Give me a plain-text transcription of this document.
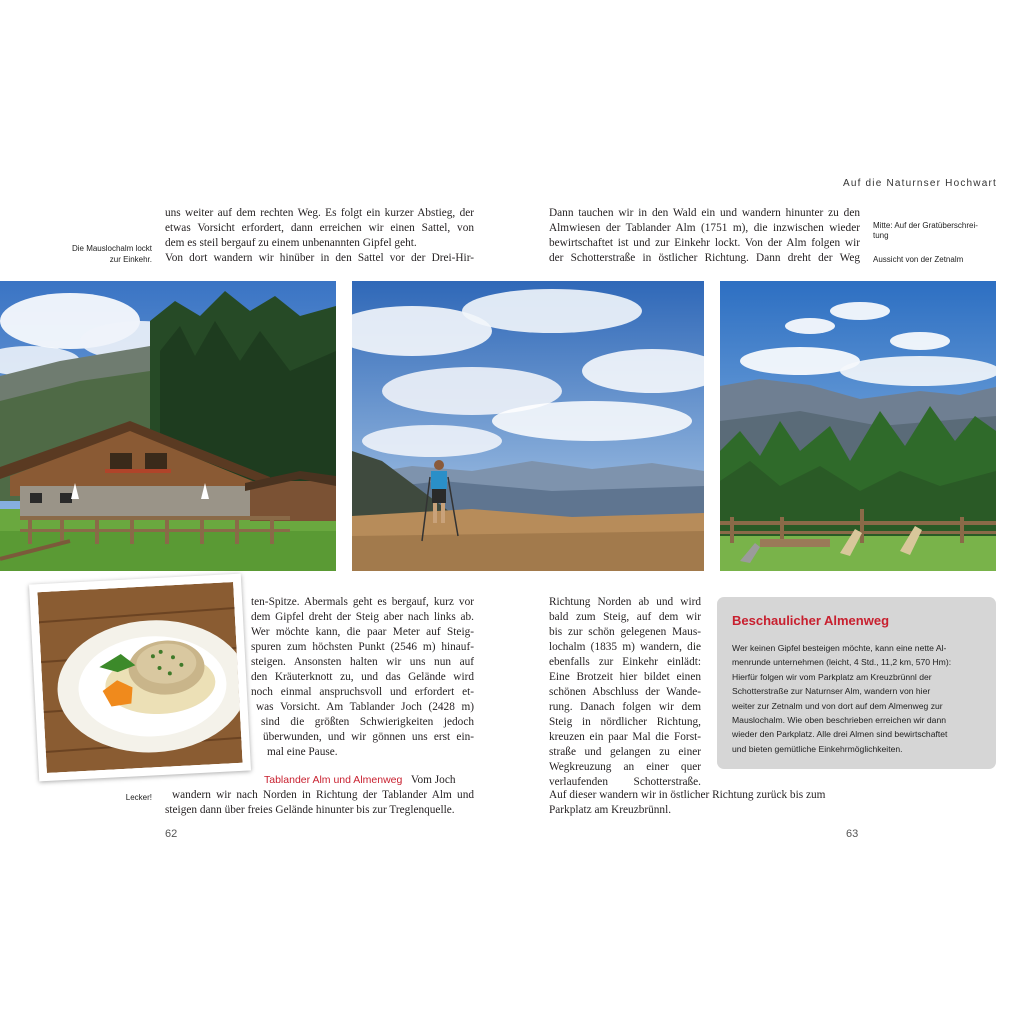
Auf die Naturnser Hochwart
Die Mauslochalm lockt
zur Einkehr.
Mitte: Auf der Gratüberschrei-
tung
Aussicht von der Zetnalm
uns weiter auf dem rechten Weg. Es folgt ein kurzer Abstieg, der
etwas Vorsicht erfordert, dann erreichen wir einen Sattel, von
dem es steil bergauf zu einem unbenannten Gipfel geht.
Von dort wandern wir hinüber in den Sattel vor der Drei-Hir-
Dann tauchen wir in den Wald ein und wandern hinunter zu den
Almwiesen der Tablander Alm (1751 m), die inzwischen wieder
bewirtschaftet ist und zur Einkehr lockt. Von der Alm folgen wir
der Schotterstraße in östlicher Richtung. Dann dreht der Weg
ten-Spitze. Abermals geht es bergauf, kurz vor
dem Gipfel dreht der Steig aber nach links ab.
Wer möchte kann, die paar Meter auf Steig-
spuren zum höchsten Punkt (2546 m) hinauf-
steigen. Ansonsten halten wir uns nun auf
den Kräuterknott zu, und das Gelände wird
noch einmal anspruchsvoll und erfordert et-
was Vorsicht. Am Tablander Joch (2428 m)
sind die größten Schwierigkeiten jedoch
überwunden, und wir gönnen uns erst ein-
mal eine Pause.
Tablander Alm und Almenweg Vom Joch
Lecker!	wandern wir nach Norden in Richtung der Tablander Alm und
steigen dann über freies Gelände hinunter bis zur Treglenquelle.
Richtung Norden ab und wird
bald zum Steig, auf dem wir
bis zur schön gelegenen Maus-
lochalm (1835 m) wandern, die
ebenfalls zur Einkehr einlädt:
Eine Brotzeit hier bildet einen
schönen Abschluss der Wande-
rung. Danach folgen wir dem
Steig in nördlicher Richtung,
kreuzen ein paar Mal die Forst-
straße und gelangen zu einer
Wegkreuzung an einer quer
verlaufenden Schotterstraße.
Auf dieser wandern wir in östlicher Richtung zurück bis zum
Parkplatz am Kreuzbrünnl.
Beschaulicher Almenweg
Wer keinen Gipfel besteigen möchte, kann eine nette Al-
menrunde unternehmen (leicht, 4 Std., 11,2 km, 570 Hm):
Hierfür folgen wir vom Parkplatz am Kreuzbrünnl der
Schotterstraße zur Naturnser Alm, wandern von hier
weiter zur Zetnalm und von dort auf dem Almenweg zur
Mauslochalm. Wie oben beschrieben erreichen wir dann
wieder den Parkplatz. Alle drei Almen sind bewirtschaftet
und bieten gemütliche Einkehrmöglichkeiten.
62	63
